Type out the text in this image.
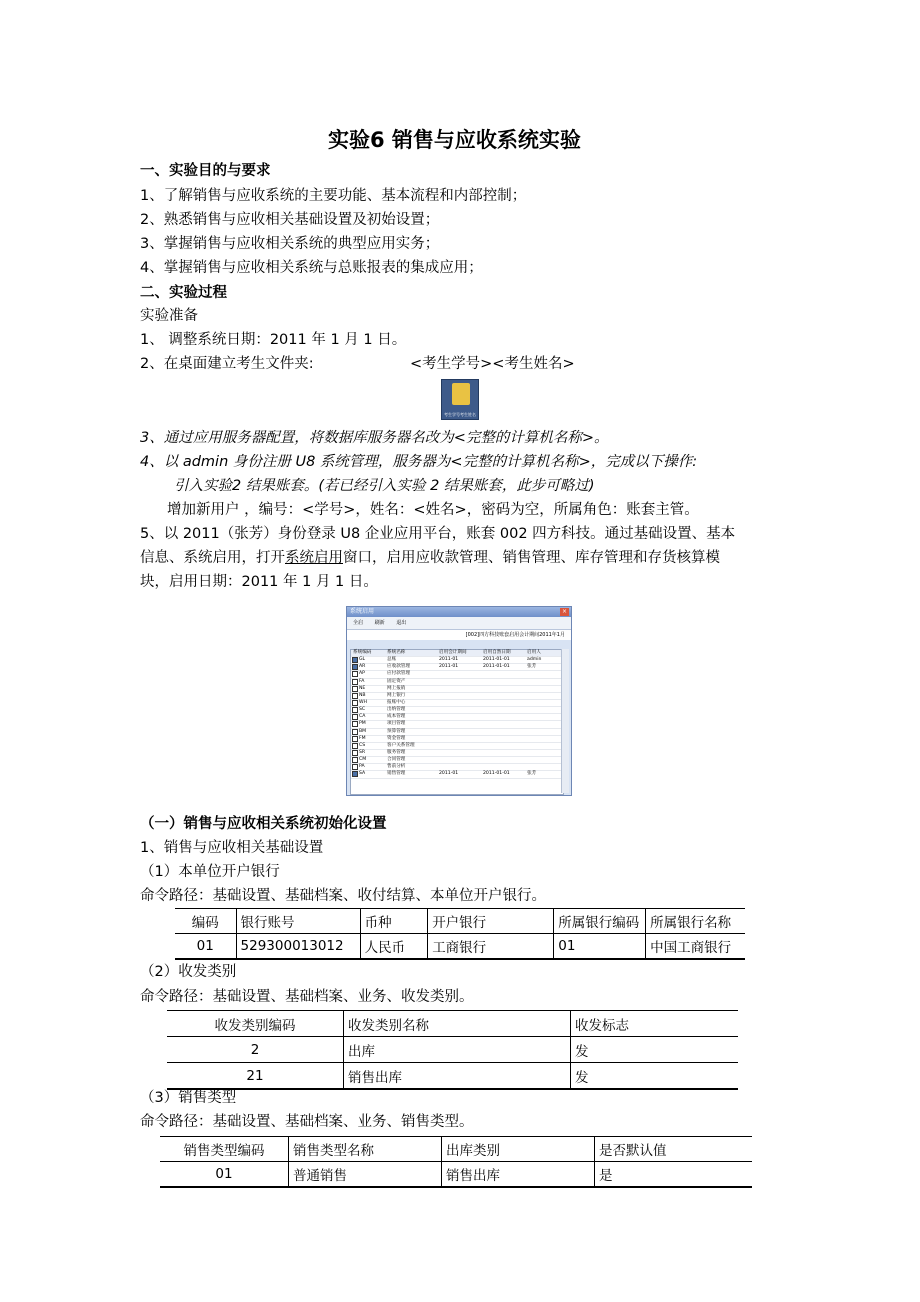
实验6 销售与应收系统实验
一、实验目的与要求
1、了解销售与应收系统的主要功能、基本流程和内部控制；
2、熟悉销售与应收相关基础设置及初始设置；
3、掌握销售与应收相关系统的典型应用实务；
4、掌握销售与应收相关系统与总账报表的集成应用；
二、实验过程
实验准备
1、 调整系统日期：2011 年 1 月 1 日。
2、在桌面建立考生文件夹:	<考生学号><考生姓名>
考生学号考生姓名
3、通过应用服务器配置，将数据库服务器名改为<完整的计算机名称>。
4、以 admin 身份注册 U8 系统管理，服务器为<完整的计算机名称>，完成以下操作:
引入实验2 结果账套。(若已经引入实验 2 结果账套，此步可略过)
增加新用户 ，编号：<学号>，姓名：<姓名>，密码为空，所属角色：账套主管。
5、以 2011（张芳）身份登录 U8 企业应用平台，账套 002 四方科技。通过基础设置、基本
信息、系统启用，打开系统启用窗口，启用应收款管理、销售管理、库存管理和存货核算模
块，启用日期：2011 年 1 月 1 日。
系统启用	×
全启 刷新 退出
[002]四方科技账套启用会计期间2011年1月
系统编码	系统名称	启用会计期间	启用自然日期	启用人
GL	总账	2011-01	2011-01-01	admin
AR	应收款管理	2011-01	2011-01-01	张芳
AP	应付款管理
FA	固定资产
NE	网上报销
NB	网上银行
WH	报账中心
SC	出纳管理
CA	成本管理
PM	项目管理
BM	预算管理
FM	资金管理
CS	客户关系管理
SR	服务管理
CM	合同管理
PA	售前分析
SA	销售管理	2011-01	2011-01-01	张芳
（一）销售与应收相关系统初始化设置
1、销售与应收相关基础设置
（1）本单位开户银行
命令路径：基础设置、基础档案、收付结算、本单位开户银行。
编码	银行账号	币种	开户银行	所属银行编码	所属银行名称
01	529300013012	人民币	工商银行	01	中国工商银行
（2）收发类别
命令路径：基础设置、基础档案、业务、收发类别。
收发类别编码	收发类别名称	收发标志
2	出库	发
21	销售出库	发
（3）销售类型
命令路径：基础设置、基础档案、业务、销售类型。
销售类型编码	销售类型名称	出库类别	是否默认值
01	普通销售	销售出库	是
